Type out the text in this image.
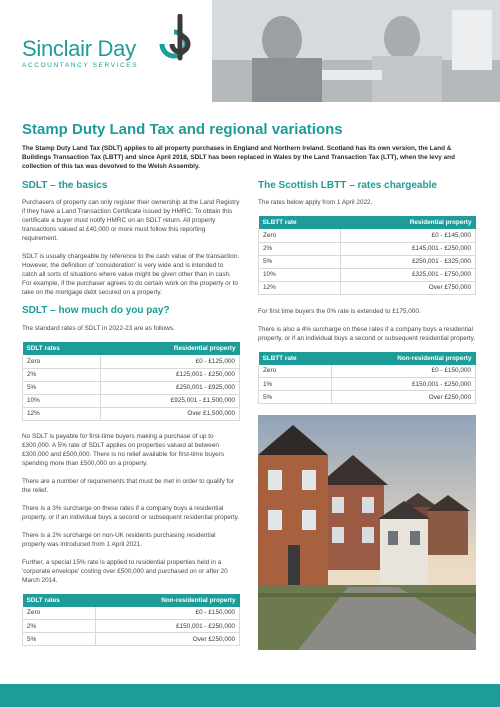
Sinclair Day
ACCOUNTANCY SERVICES
Stamp Duty Land Tax and regional variations
The Stamp Duty Land Tax (SDLT) applies to all property purchases in England and Northern Ireland. Scotland has its own version, the Land & Buildings Transaction Tax (LBTT) and since April 2018, SDLT has been replaced in Wales by the Land Transaction Tax (LTT), when the levy and collection of this tax was devolved to the Welsh Assembly.
SDLT – the basics
Purchasers of property can only register their ownership at the Land Registry if they have a Land Transaction Certificate issued by HMRC. To obtain this certificate a buyer must notify HMRC on an SDLT return. All property transactions valued at £40,000 or more must follow this reporting requirement.
SDLT is usually chargeable by reference to the cash value of the transaction. However, the definition of 'consideration' is very wide and is intended to catch all sorts of situations where value might be given other than in cash. For example, if the purchaser agrees to do certain work on the property or to take on the mortgage debt secured on a property.
SDLT – how much do you pay?
The standard rates of SDLT in 2022-23 are as follows.
SDLT rates	Residential property
Zero	£0 - £125,000
2%	£125,001 - £250,000
5%	£250,001 - £925,000
10%	£925,001 - £1,500,000
12%	Over £1,500,000
No SDLT is payable for first-time buyers making a purchase of up to £300,000. A 5% rate of SDLT applies on properties valued at between £300,000 and £500,000. There is no relief available for first-time buyers spending more than £500,000 on a property.
There are a number of requirements that must be met in order to qualify for the relief.
There is a 3% surcharge on these rates if a company buys a residential property, or if an individual buys a second or subsequent residential property.
There is a 2% surcharge on non-UK residents purchasing residential property was introduced from 1 April 2021.
Further, a special 15% rate is applied to residential properties held in a 'corporate envelope' costing over £500,000 and purchased on or after 20 March 2014.
SDLT rates	Non-residential property
Zero	£0 - £150,000
2%	£150,001 - £250,000
5%	Over £250,000
The Scottish LBTT – rates chargeable
The rates below apply from 1 April 2022.
SLBTT rate	Residential property
Zero	£0 - £145,000
2%	£145,001 - £250,000
5%	£250,001 - £325,000
10%	£325,001 - £750,000
12%	Over £750,000
For first time buyers the 0% rate is extended to £175,000.
There is also a 4% surcharge on these rates if a company buys a residential property, or if an individual buys a second or subsequent residential property.
SLBTT rate	Non-residential property
Zero	£0 - £150,000
1%	£150,001 - £250,000
5%	Over £250,000
